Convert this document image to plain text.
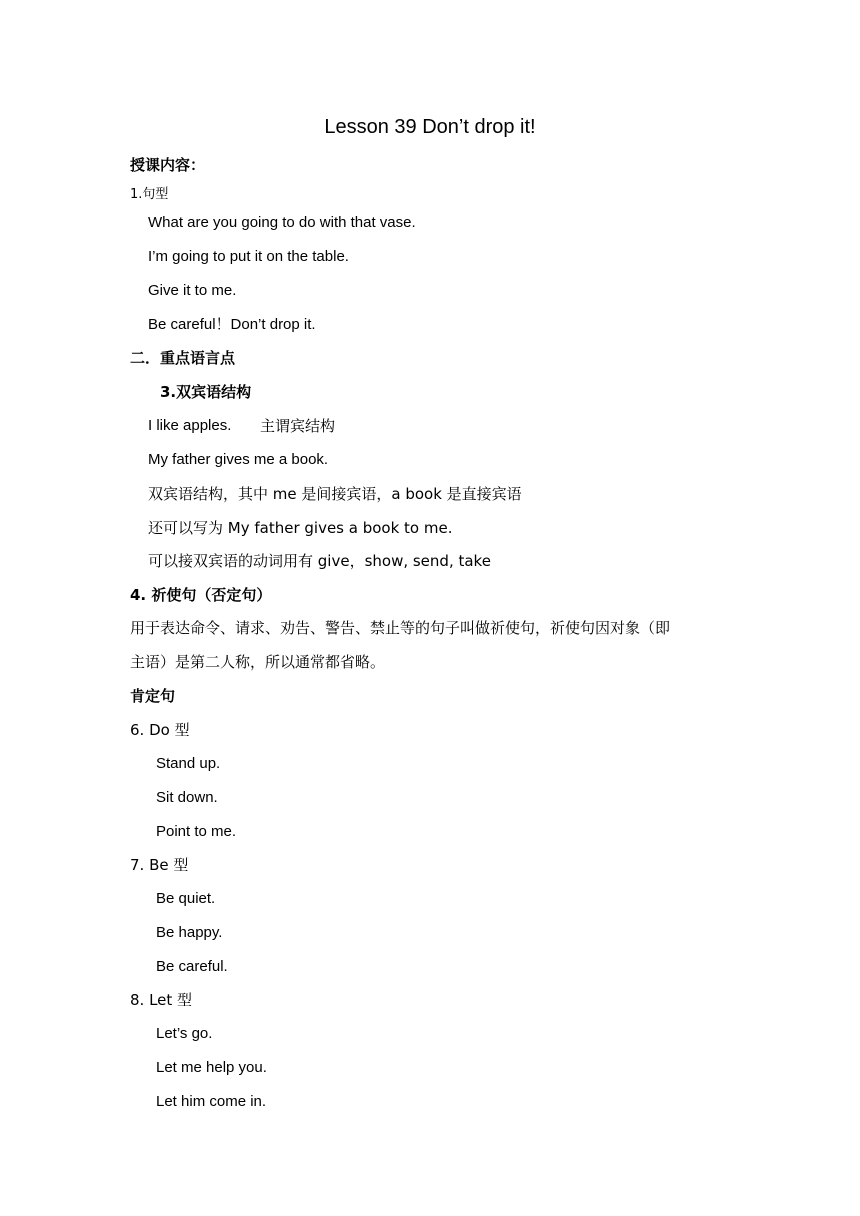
Lesson 39 Don’t drop it!
授课内容：
1.句型
What are you going to do with that vase.
I’m going to put it on the table.
Give it to me.
Be careful！Don’t drop it.
二．重点语言点
3.双宾语结构
I like apples. 主谓宾结构
My father gives me a book.
双宾语结构，其中 me 是间接宾语，a book 是直接宾语
还可以写为 My father gives a book to me.
可以接双宾语的动词用有 give，show, send, take
4. 祈使句（否定句）
用于表达命令、请求、劝告、警告、禁止等的句子叫做祈使句，祈使句因对象（即
主语）是第二人称，所以通常都省略。
肯定句
6. Do 型
Stand up.
Sit down.
Point to me.
7. Be 型
Be quiet.
Be happy.
Be careful.
8. Let 型
Let’s go.
Let me help you.
Let him come in.
